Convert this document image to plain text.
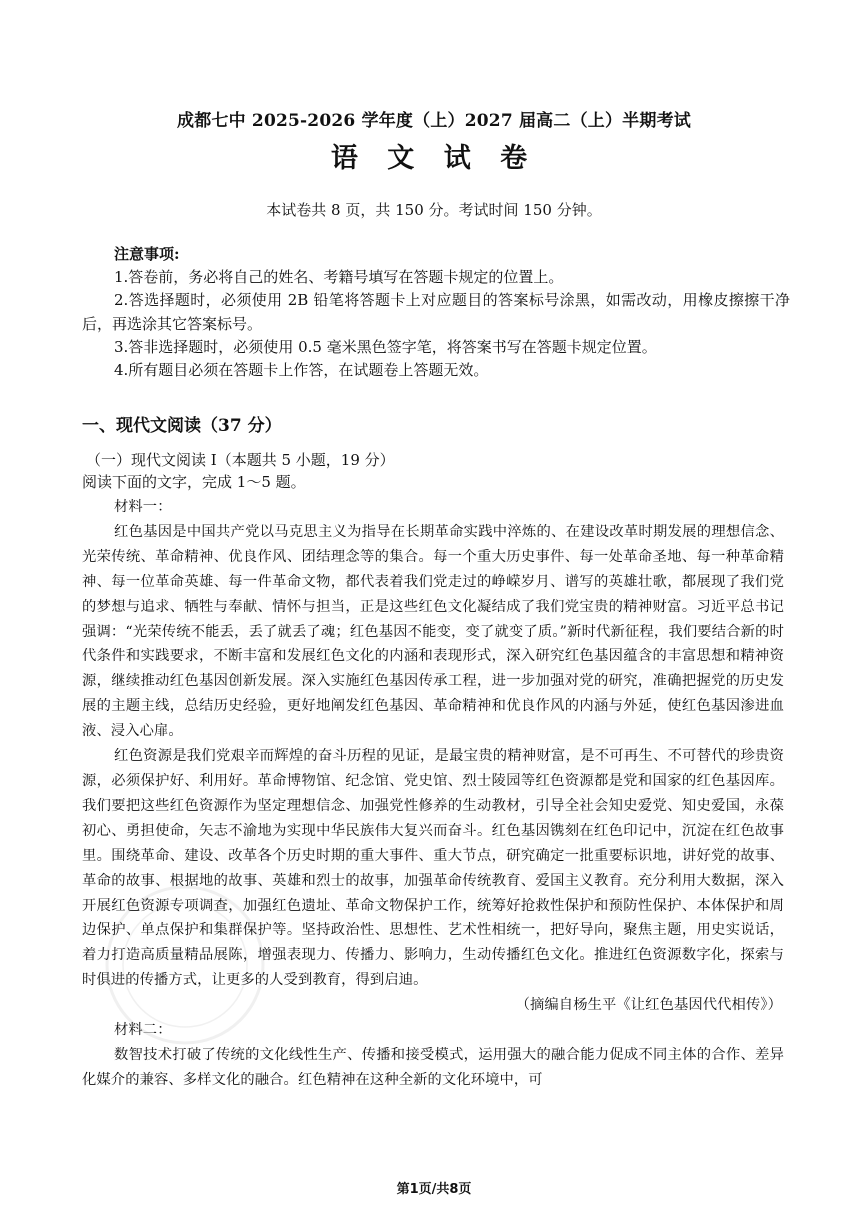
成都七中 2025-2026 学年度（上）2027 届高二（上）半期考试
语 文 试 卷
本试卷共 8 页，共 150 分。考试时间 150 分钟。
注意事项:
1.答卷前，务必将自己的姓名、考籍号填写在答题卡规定的位置上。
2.答选择题时，必须使用 2B 铅笔将答题卡上对应题目的答案标号涂黑，如需改动，用橡皮擦擦干净后，再选涂其它答案标号。
3.答非选择题时，必须使用 0.5 毫米黑色签字笔，将答案书写在答题卡规定位置。
4.所有题目必须在答题卡上作答，在试题卷上答题无效。
一、现代文阅读（37 分）
（一）现代文阅读 I（本题共 5 小题，19 分）
阅读下面的文字，完成 1～5 题。
材料一：

红色基因是中国共产党以马克思主义为指导在长期革命实践中淬炼的、在建设改革时期发展的理想信念、光荣传统、革命精神、优良作风、团结理念等的集合。每一个重大历史事件、每一处革命圣地、每一种革命精神、每一位革命英雄、每一件革命文物，都代表着我们党走过的峥嵘岁月、谱写的英雄壮歌，都展现了我们党的梦想与追求、牺牲与奉献、情怀与担当，正是这些红色文化凝结成了我们党宝贵的精神财富。习近平总书记强调：“光荣传统不能丢，丢了就丢了魂；红色基因不能变，变了就变了质。”新时代新征程，我们要结合新的时代条件和实践要求，不断丰富和发展红色文化的内涵和表现形式，深入研究红色基因蕴含的丰富思想和精神资源，继续推动红色基因创新发展。深入实施红色基因传承工程，进一步加强对党的研究，准确把握党的历史发展的主题主线，总结历史经验，更好地阐发红色基因、革命精神和优良作风的内涵与外延，使红色基因渗进血液、浸入心扉。

红色资源是我们党艰辛而辉煌的奋斗历程的见证，是最宝贵的精神财富，是不可再生、不可替代的珍贵资源，必须保护好、利用好。革命博物馆、纪念馆、党史馆、烈士陵园等红色资源都是党和国家的红色基因库。我们要把这些红色资源作为坚定理想信念、加强党性修养的生动教材，引导全社会知史爱党、知史爱国，永葆初心、勇担使命，矢志不渝地为实现中华民族伟大复兴而奋斗。红色基因镌刻在红色印记中，沉淀在红色故事里。围绕革命、建设、改革各个历史时期的重大事件、重大节点，研究确定一批重要标识地，讲好党的故事、革命的故事、根据地的故事、英雄和烈士的故事，加强革命传统教育、爱国主义教育。充分利用大数据，深入开展红色资源专项调查，加强红色遗址、革命文物保护工作，统筹好抢救性保护和预防性保护、本体保护和周边保护、单点保护和集群保护等。坚持政治性、思想性、艺术性相统一，把好导向，聚焦主题，用史实说话，着力打造高质量精品展陈，增强表现力、传播力、影响力，生动传播红色文化。推进红色资源数字化，探索与时俱进的传播方式，让更多的人受到教育，得到启迪。

（摘编自杨生平《让红色基因代代相传》）
材料二：

数智技术打破了传统的文化线性生产、传播和接受模式，运用强大的融合能力促成不同主体的合作、差异化媒介的兼容、多样文化的融合。红色精神在这种全新的文化环境中，可

第1页/共8页
